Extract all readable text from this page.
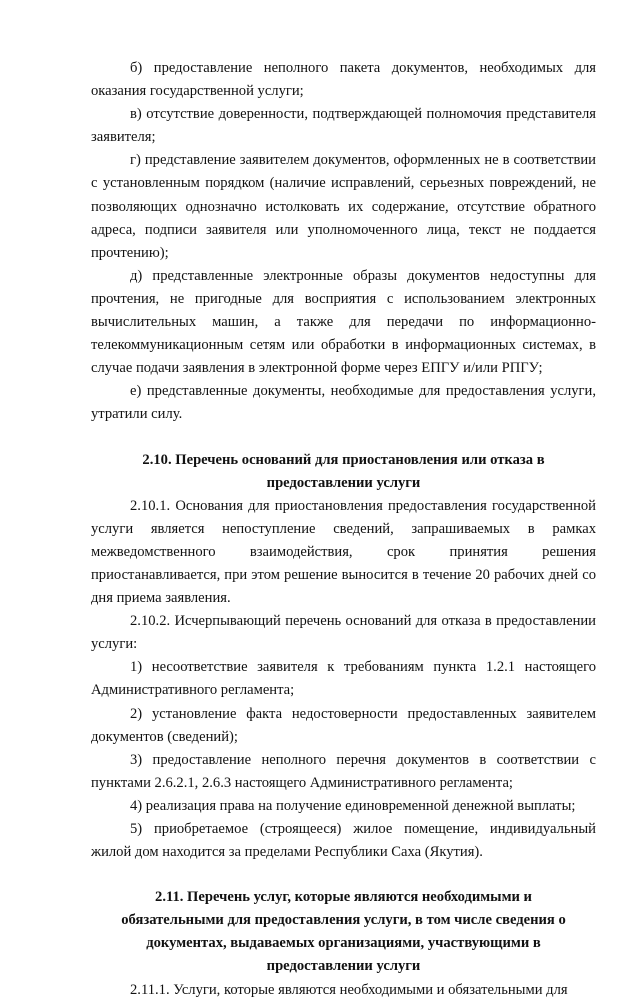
б) предоставление неполного пакета документов, необходимых для оказания государственной услуги;

в) отсутствие доверенности, подтверждающей полномочия представителя заявителя;

г) представление заявителем документов, оформленных не в соответствии с установленным порядком (наличие исправлений, серьезных повреждений, не позволяющих однозначно истолковать их содержание, отсутствие обратного адреса, подписи заявителя или уполномоченного лица, текст не поддается прочтению);

д) представленные электронные образы документов недоступны для прочтения, не пригодные для восприятия с использованием электронных вычислительных машин, а также для передачи по информационно-телекоммуникационным сетям или обработки в информационных системах, в случае подачи заявления в электронной форме через ЕПГУ и/или РПГУ;

е) представленные документы, необходимые для предоставления услуги, утратили силу.

2.10. Перечень оснований для приостановления или отказа в предоставлении услуги

2.10.1. Основания для приостановления предоставления государственной услуги является непоступление сведений, запрашиваемых в рамках межведомственного взаимодействия, срок принятия решения приостанавливается, при этом решение выносится в течение 20 рабочих дней со дня приема заявления.

2.10.2. Исчерпывающий перечень оснований для отказа в предоставлении услуги:

1) несоответствие заявителя к требованиям пункта 1.2.1 настоящего Административного регламента;

2) установление факта недостоверности предоставленных заявителем документов (сведений);

3) предоставление неполного перечня документов в соответствии с пунктами 2.6.2.1, 2.6.3 настоящего Административного регламента;

4) реализация права на получение единовременной денежной выплаты;

5) приобретаемое (строящееся) жилое помещение, индивидуальный жилой дом находится за пределами Республики Саха (Якутия).

2.11. Перечень услуг, которые являются необходимыми и обязательными для предоставления услуги, в том числе сведения о документах, выдаваемых организациями, участвующими в предоставлении услуги

2.11.1. Услуги, которые являются необходимыми и обязательными для
